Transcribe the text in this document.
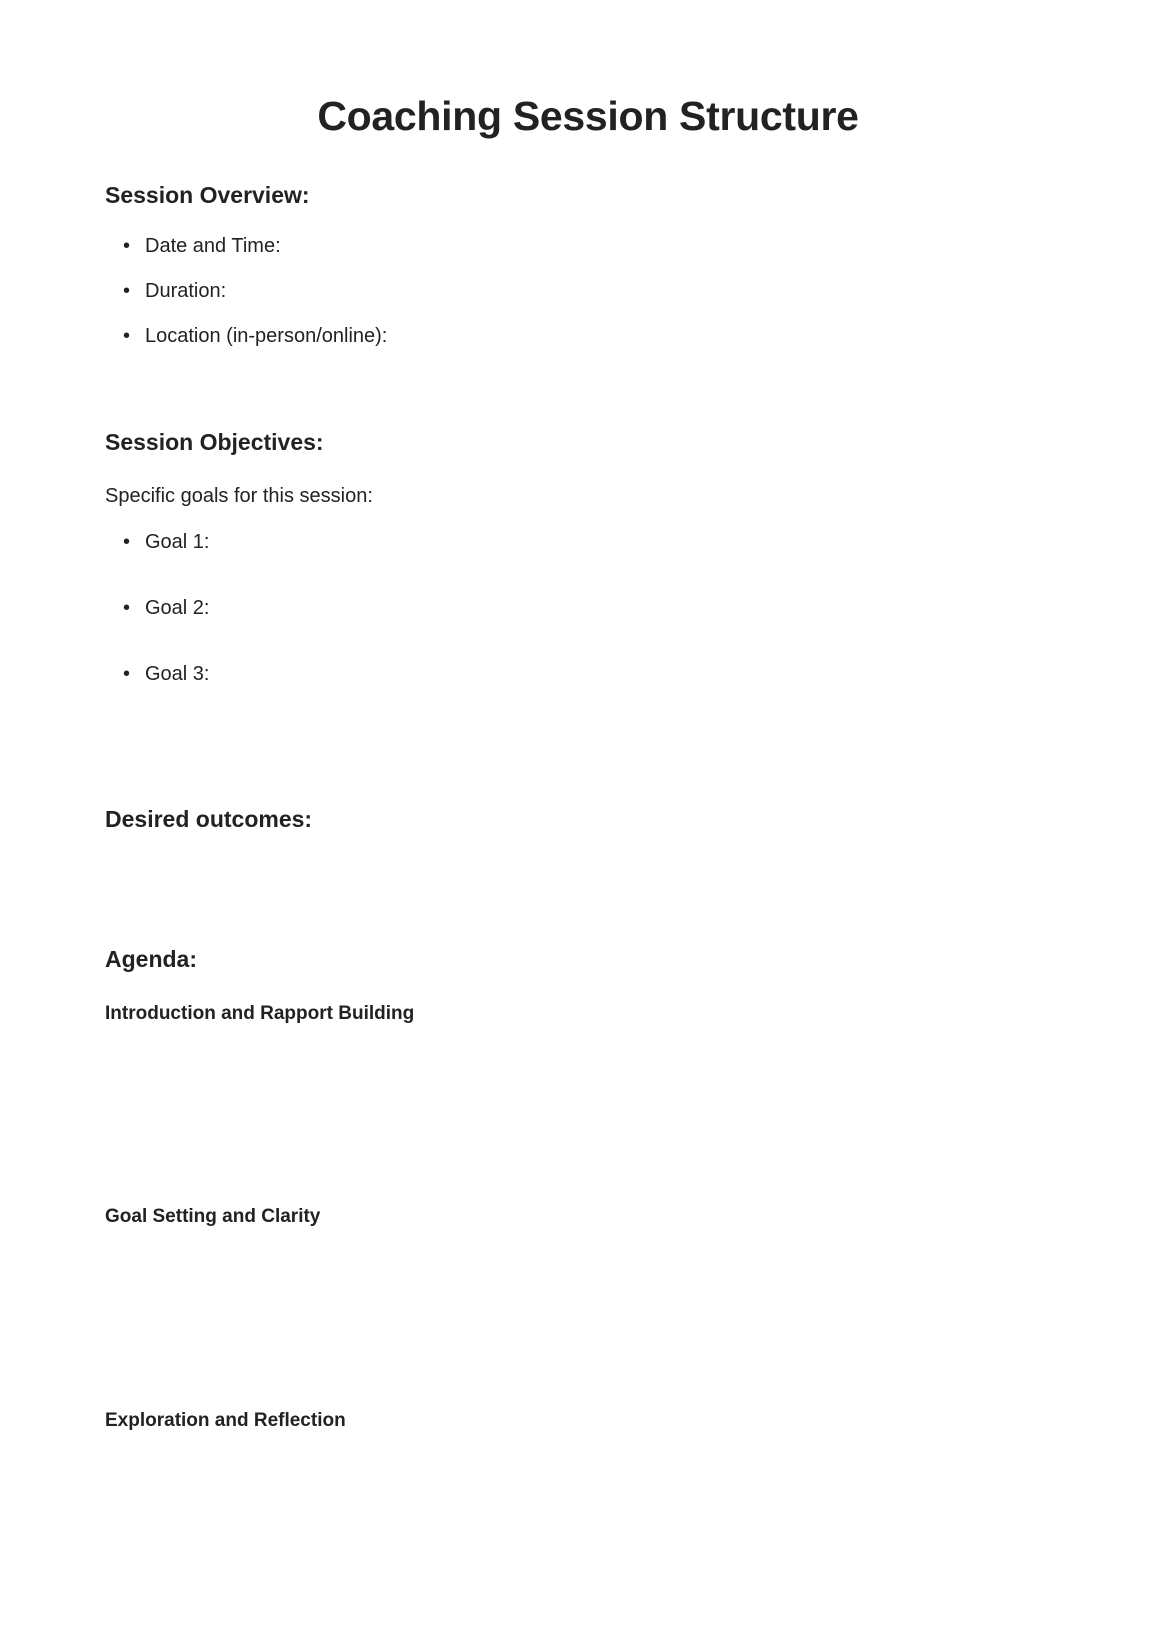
Coaching Session Structure
Session Overview:
• Date and Time:
• Duration:
• Location (in-person/online):
Session Objectives:

Specific goals for this session:

• Goal 1:
• Goal 2:
• Goal 3:
Desired outcomes:
Agenda:
Introduction and Rapport Building
Goal Setting and Clarity
Exploration and Reflection
